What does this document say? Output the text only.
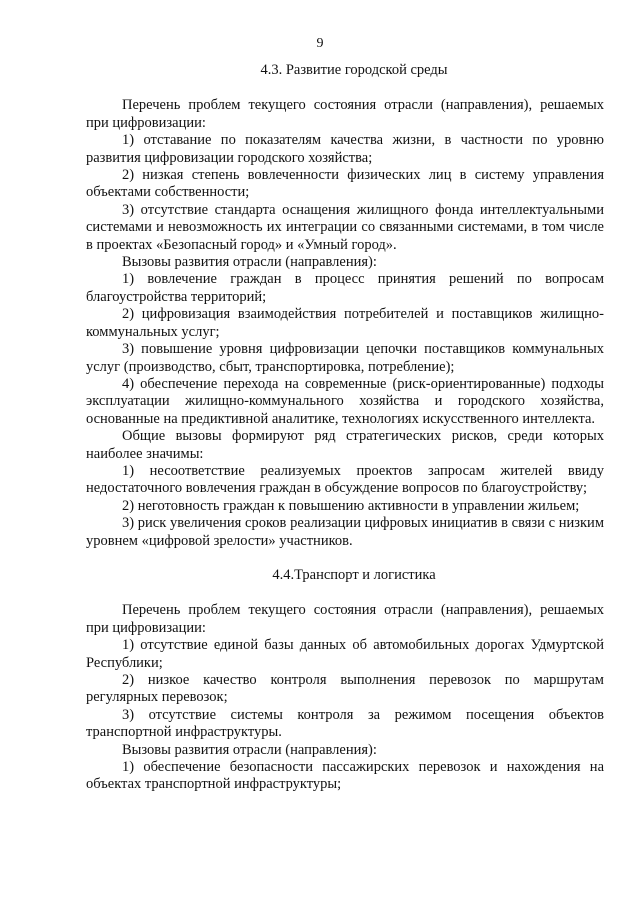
9
4.3. Развитие городской среды

Перечень проблем текущего состояния отрасли (направления), решаемых при цифровизации:

1) отставание по показателям качества жизни, в частности по уровню развития цифровизации городского хозяйства;

2) низкая степень вовлеченности физических лиц в систему управления объектами собственности;

3) отсутствие стандарта оснащения жилищного фонда интеллектуальными системами и невозможность их интеграции со связанными системами, в том числе в проектах «Безопасный город» и «Умный город».

Вызовы развития отрасли (направления):

1) вовлечение граждан в процесс принятия решений по вопросам благоустройства территорий;

2) цифровизация взаимодействия потребителей и поставщиков жилищно-коммунальных услуг;

3) повышение уровня цифровизации цепочки поставщиков коммунальных услуг (производство, сбыт, транспортировка, потребление);

4) обеспечение перехода на современные (риск-ориентированные) подходы эксплуатации жилищно-коммунального хозяйства и городского хозяйства, основанные на предиктивной аналитике, технологиях искусственного интеллекта.

Общие вызовы формируют ряд стратегических рисков, среди которых наиболее значимы:

1) несоответствие реализуемых проектов запросам жителей ввиду недостаточного вовлечения граждан в обсуждение вопросов по благоустройству;

2) неготовность граждан к повышению активности в управлении жильем;

3) риск увеличения сроков реализации цифровых инициатив в связи с низким уровнем «цифровой зрелости» участников.

4.4.Транспорт и логистика

Перечень проблем текущего состояния отрасли (направления), решаемых при цифровизации:

1) отсутствие единой базы данных об автомобильных дорогах Удмуртской Республики;

2) низкое качество контроля выполнения перевозок по маршрутам регулярных перевозок;

3) отсутствие системы контроля за режимом посещения объектов транспортной инфраструктуры.

Вызовы развития отрасли (направления):

1) обеспечение безопасности пассажирских перевозок и нахождения на объектах транспортной инфраструктуры;
